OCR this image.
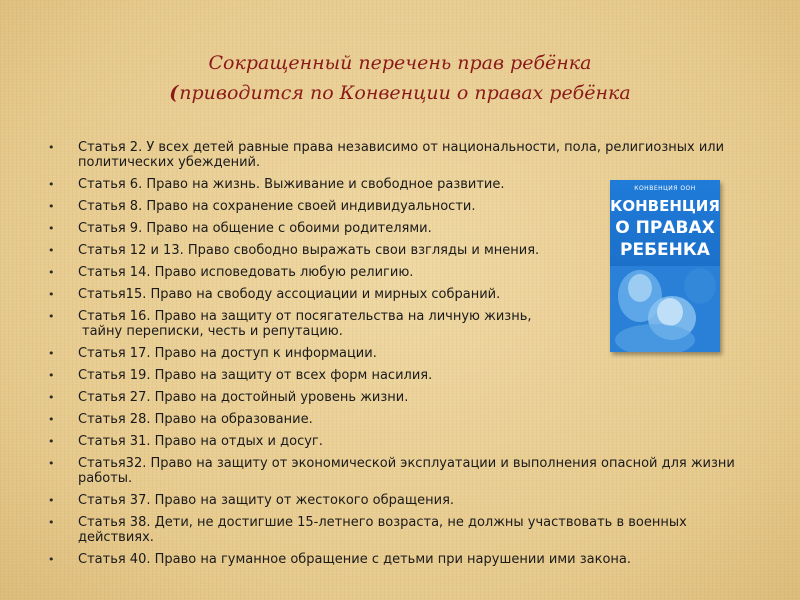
Сокращенный перечень прав ребёнка
(приводится по Конвенции о правах ребёнка
• Статья 2. У всех детей равные права независимо от национальности, пола, религиозных или политических убеждений.
• Статья 6. Право на жизнь. Выживание и свободное развитие.
• Статья 8. Право на сохранение своей индивидуальности.
• Статья 9. Право на общение с обоими родителями.
• Статья 12 и 13. Право свободно выражать свои взгляды и мнения.
• Статья 14. Право исповедовать любую религию.
• Статья15. Право на свободу ассоциации и мирных собраний.
• Статья 16. Право на защиту от посягательства на личную жизнь,
тайну переписки, честь и репутацию.
• Статья 17. Право на доступ к информации.
• Статья 19. Право на защиту от всех форм насилия.
• Статья 27. Право на достойный уровень жизни.
• Статья 28. Право на образование.
• Статья 31. Право на отдых и досуг.
• Статья32. Право на защиту от экономической эксплуатации и выполнения опасной для жизни работы.
• Статья 37. Право на защиту от жестокого обращения.
• Статья 38. Дети, не достигшие 15-летнего возраста, не должны участвовать в военных действиях.
• Статья 40. Право на гуманное обращение с детьми при нарушении ими закона.
КОНВЕНЦИЯ ООН
КОНВЕНЦИЯ
О ПРАВАХ
РЕБЕНКА
